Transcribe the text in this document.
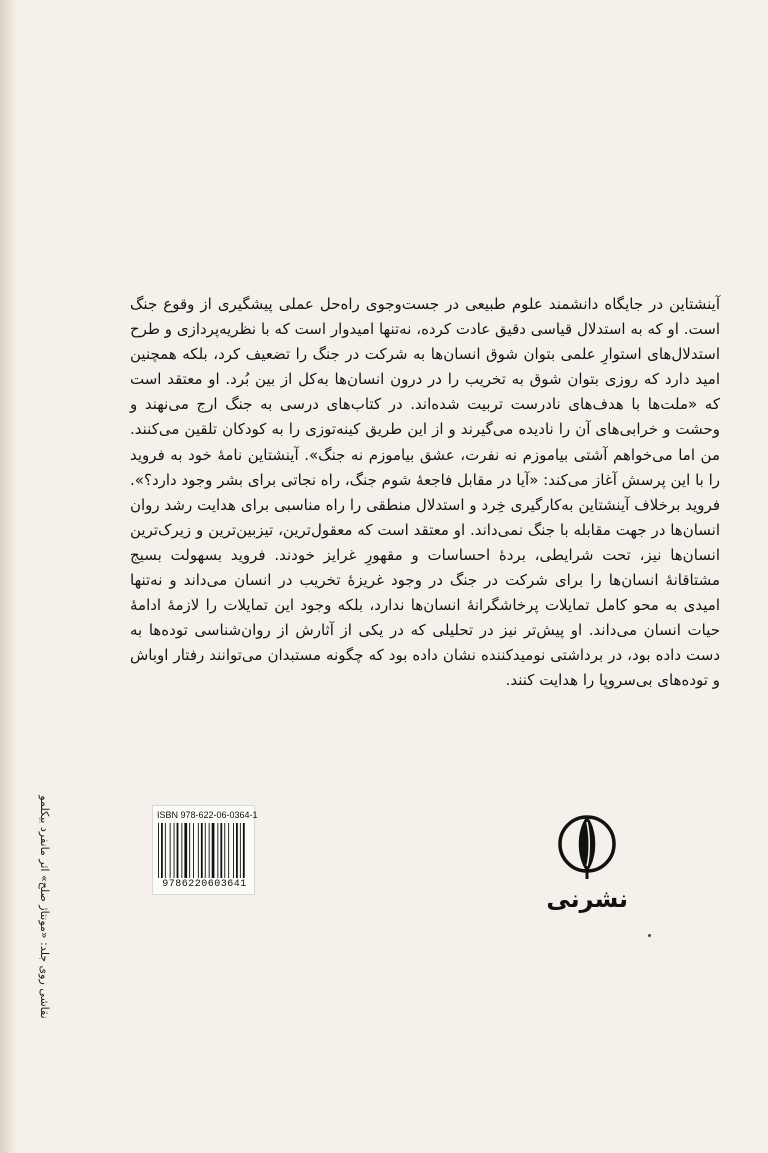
آینشتاین در جایگاه دانشمند علوم طبیعی در جست‌وجوی راه‌حل عملی پیشگیری از وقوع جنگ است. او که به استدلال قیاسی دقیق عادت کرده، نه‌تنها امیدوار است که با نظریه‌پردازی و طرح استدلال‌های استوارِ علمی بتوان شوق انسان‌ها به شرکت در جنگ را تضعیف کرد، بلکه همچنین امید دارد که روزی بتوان شوق به تخریب را در درون انسان‌ها به‌کل از بین بُرد. او معتقد است که «ملت‌ها با هدف‌های نادرست تربیت شده‌اند. در کتاب‌های درسی به جنگ ارج می‌نهند و وحشت و خرابی‌های آن را نادیده می‌گیرند و از این طریق کینه‌توزی را به کودکان تلقین می‌کنند. من اما می‌خواهم آشتی بیاموزم نه نفرت، عشق بیاموزم نه جنگ». آینشتاین نامهٔ خود به فروید را با این پرسش آغاز می‌کند: «آیا در مقابل فاجعهٔ شوم جنگ، راه نجاتی برای بشر وجود دارد؟».

فروید برخلاف آینشتاین به‌کارگیری خِرد و استدلال منطقی را راه مناسبی برای هدایت رشد روان انسان‌ها در جهت مقابله با جنگ نمی‌داند. او معتقد است که معقول‌ترین، تیزبین‌ترین و زیرک‌ترین انسان‌ها نیز، تحت شرایطی، بردهٔ احساسات و مقهورِ غرایز خودند. فروید بسهولت بسیج مشتاقانهٔ انسان‌ها را برای شرکت در جنگ در وجود غریزهٔ تخریب در انسان می‌داند و نه‌تنها امیدی به محو کامل تمایلات پرخاشگرانهٔ انسان‌ها ندارد، بلکه وجود این تمایلات را لازمهٔ ادامهٔ حیات انسان می‌داند. او پیش‌تر نیز در تحلیلی که در یکی از آثارش از روان‌شناسی توده‌ها به دست داده بود، در برداشتی نومیدکننده نشان داده بود که چگونه مستبدان می‌توانند رفتار اوباش و توده‌های بی‌سروپا را هدایت کنند.

نقاشی روی جلد: «مونتاژ صلح» اثر مانفرد بیکلمو	ISBN 978-622-06-0364-1
9786220603641
نشرنی
